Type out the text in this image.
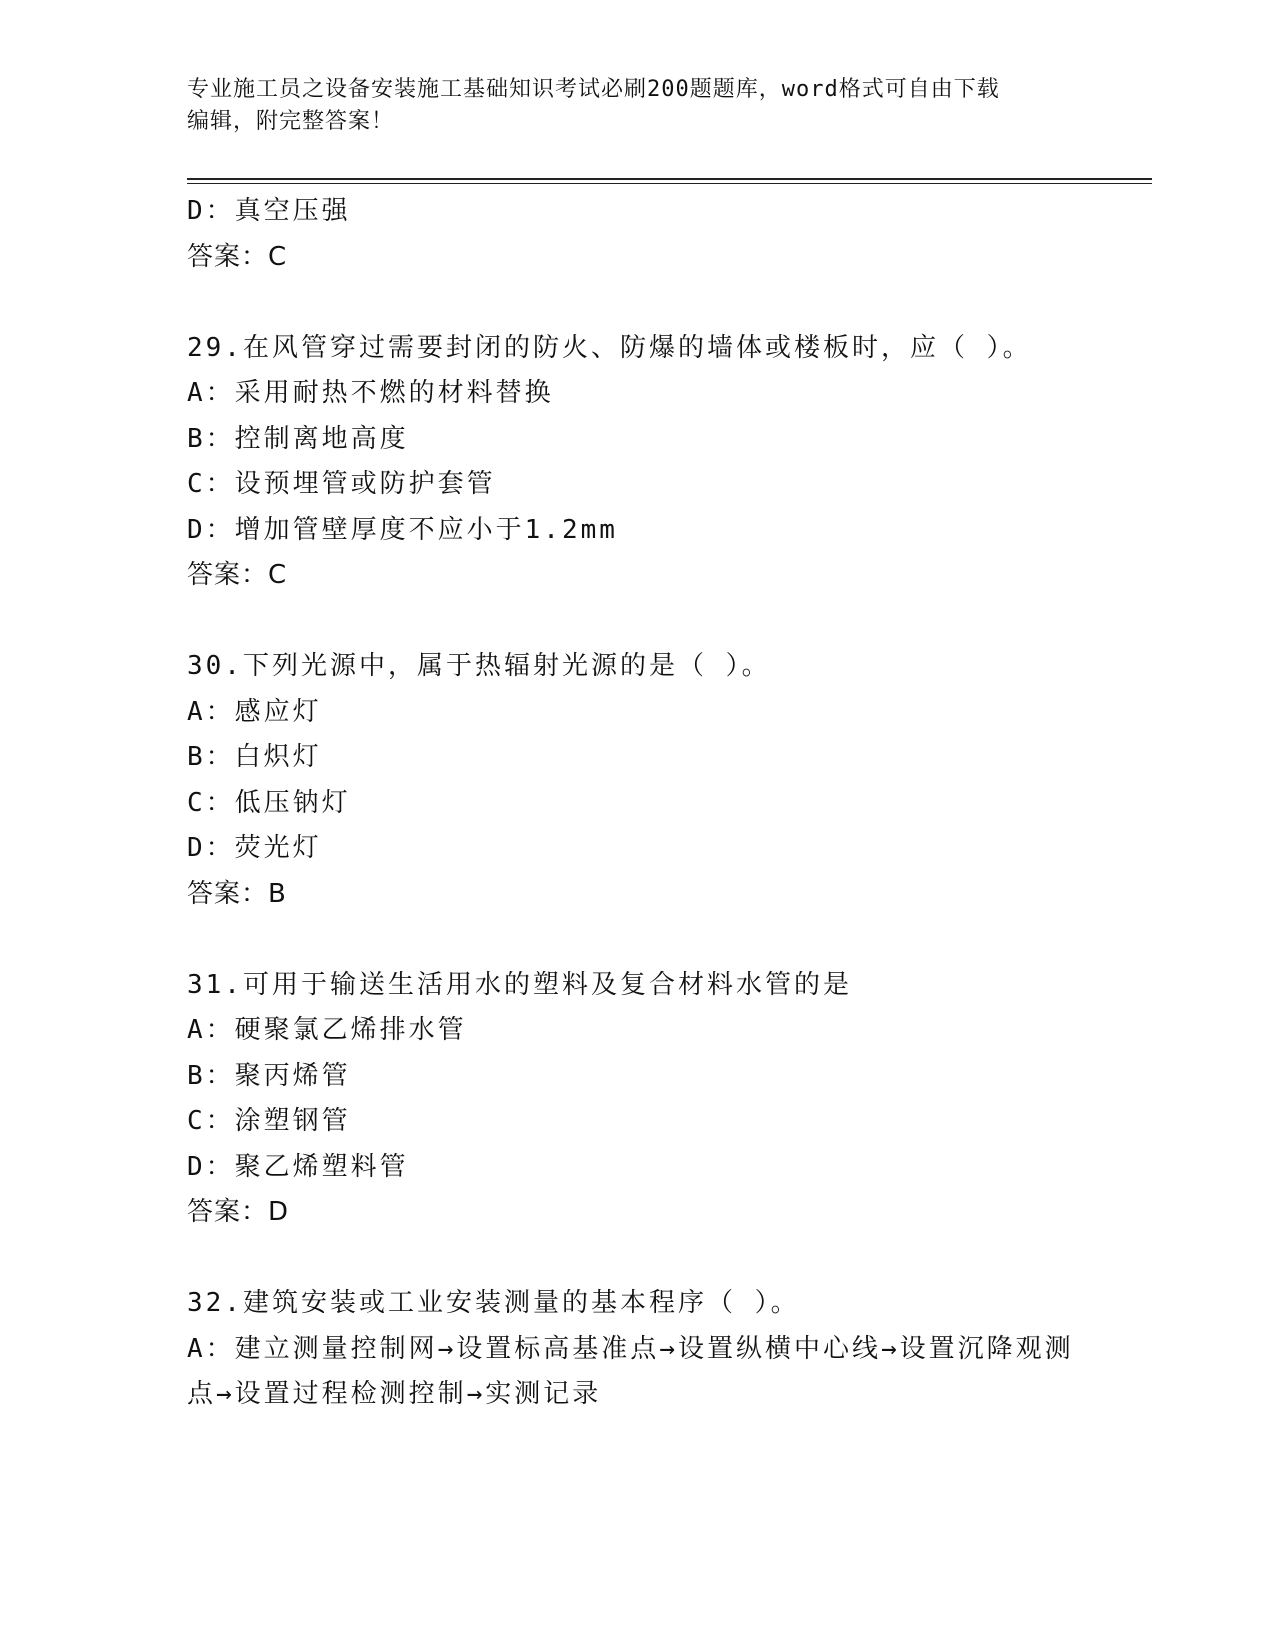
专业施工员之设备安装施工基础知识考试必刷200题题库，word格式可自由下载
编辑，附完整答案！
D：真空压强
答案：C
29.在风管穿过需要封闭的防火、防爆的墙体或楼板时，应（ ）。
A：采用耐热不燃的材料替换
B：控制离地高度
C：设预埋管或防护套管
D：增加管壁厚度不应小于1.2mm
答案：C
30.下列光源中，属于热辐射光源的是（ ）。
A：感应灯
B：白炽灯
C：低压钠灯
D：荧光灯
答案：B
31.可用于输送生活用水的塑料及复合材料水管的是
A：硬聚氯乙烯排水管
B：聚丙烯管
C：涂塑钢管
D：聚乙烯塑料管
答案：D
32.建筑安装或工业安装测量的基本程序（ ）。
A：建立测量控制网→设置标高基准点→设置纵横中心线→设置沉降观测点→设置过程检测控制→实测记录
